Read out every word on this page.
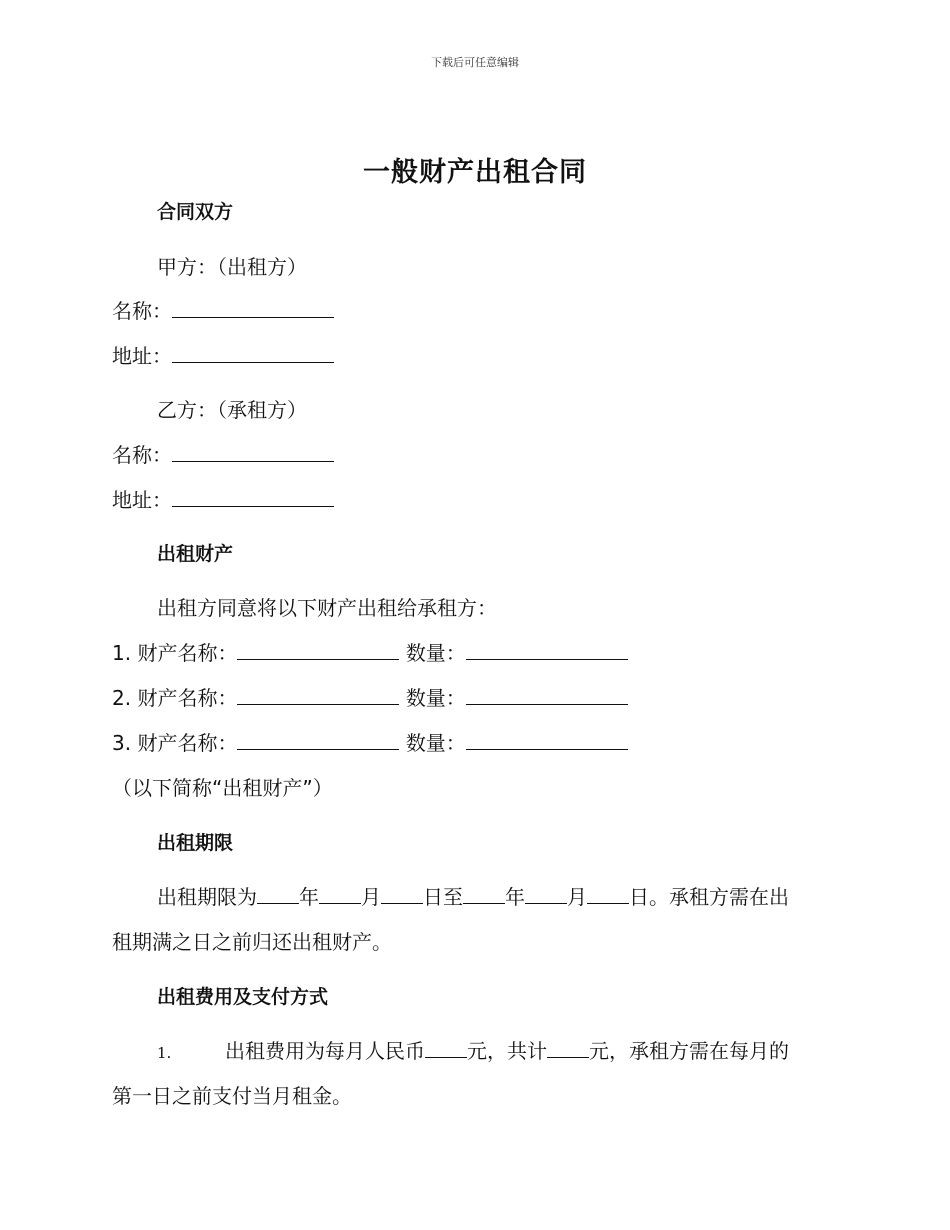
下载后可任意编辑
一般财产出租合同
合同双方
甲方：（出租方）
名称：
地址：
乙方：（承租方）
名称：
地址：
出租财产
出租方同意将以下财产出租给承租方：
1. 财产名称：	数量：
2. 财产名称：	数量：
3. 财产名称：	数量：
（以下简称“出租财产”）
出租期限
出租期限为 年 月 日至 年 月 日。承租方需在出
租期满之日之前归还出租财产。
出租费用及支付方式
1.	出租费用为每月人民币 元，共计 元，承租方需在每月的
第一日之前支付当月租金。
